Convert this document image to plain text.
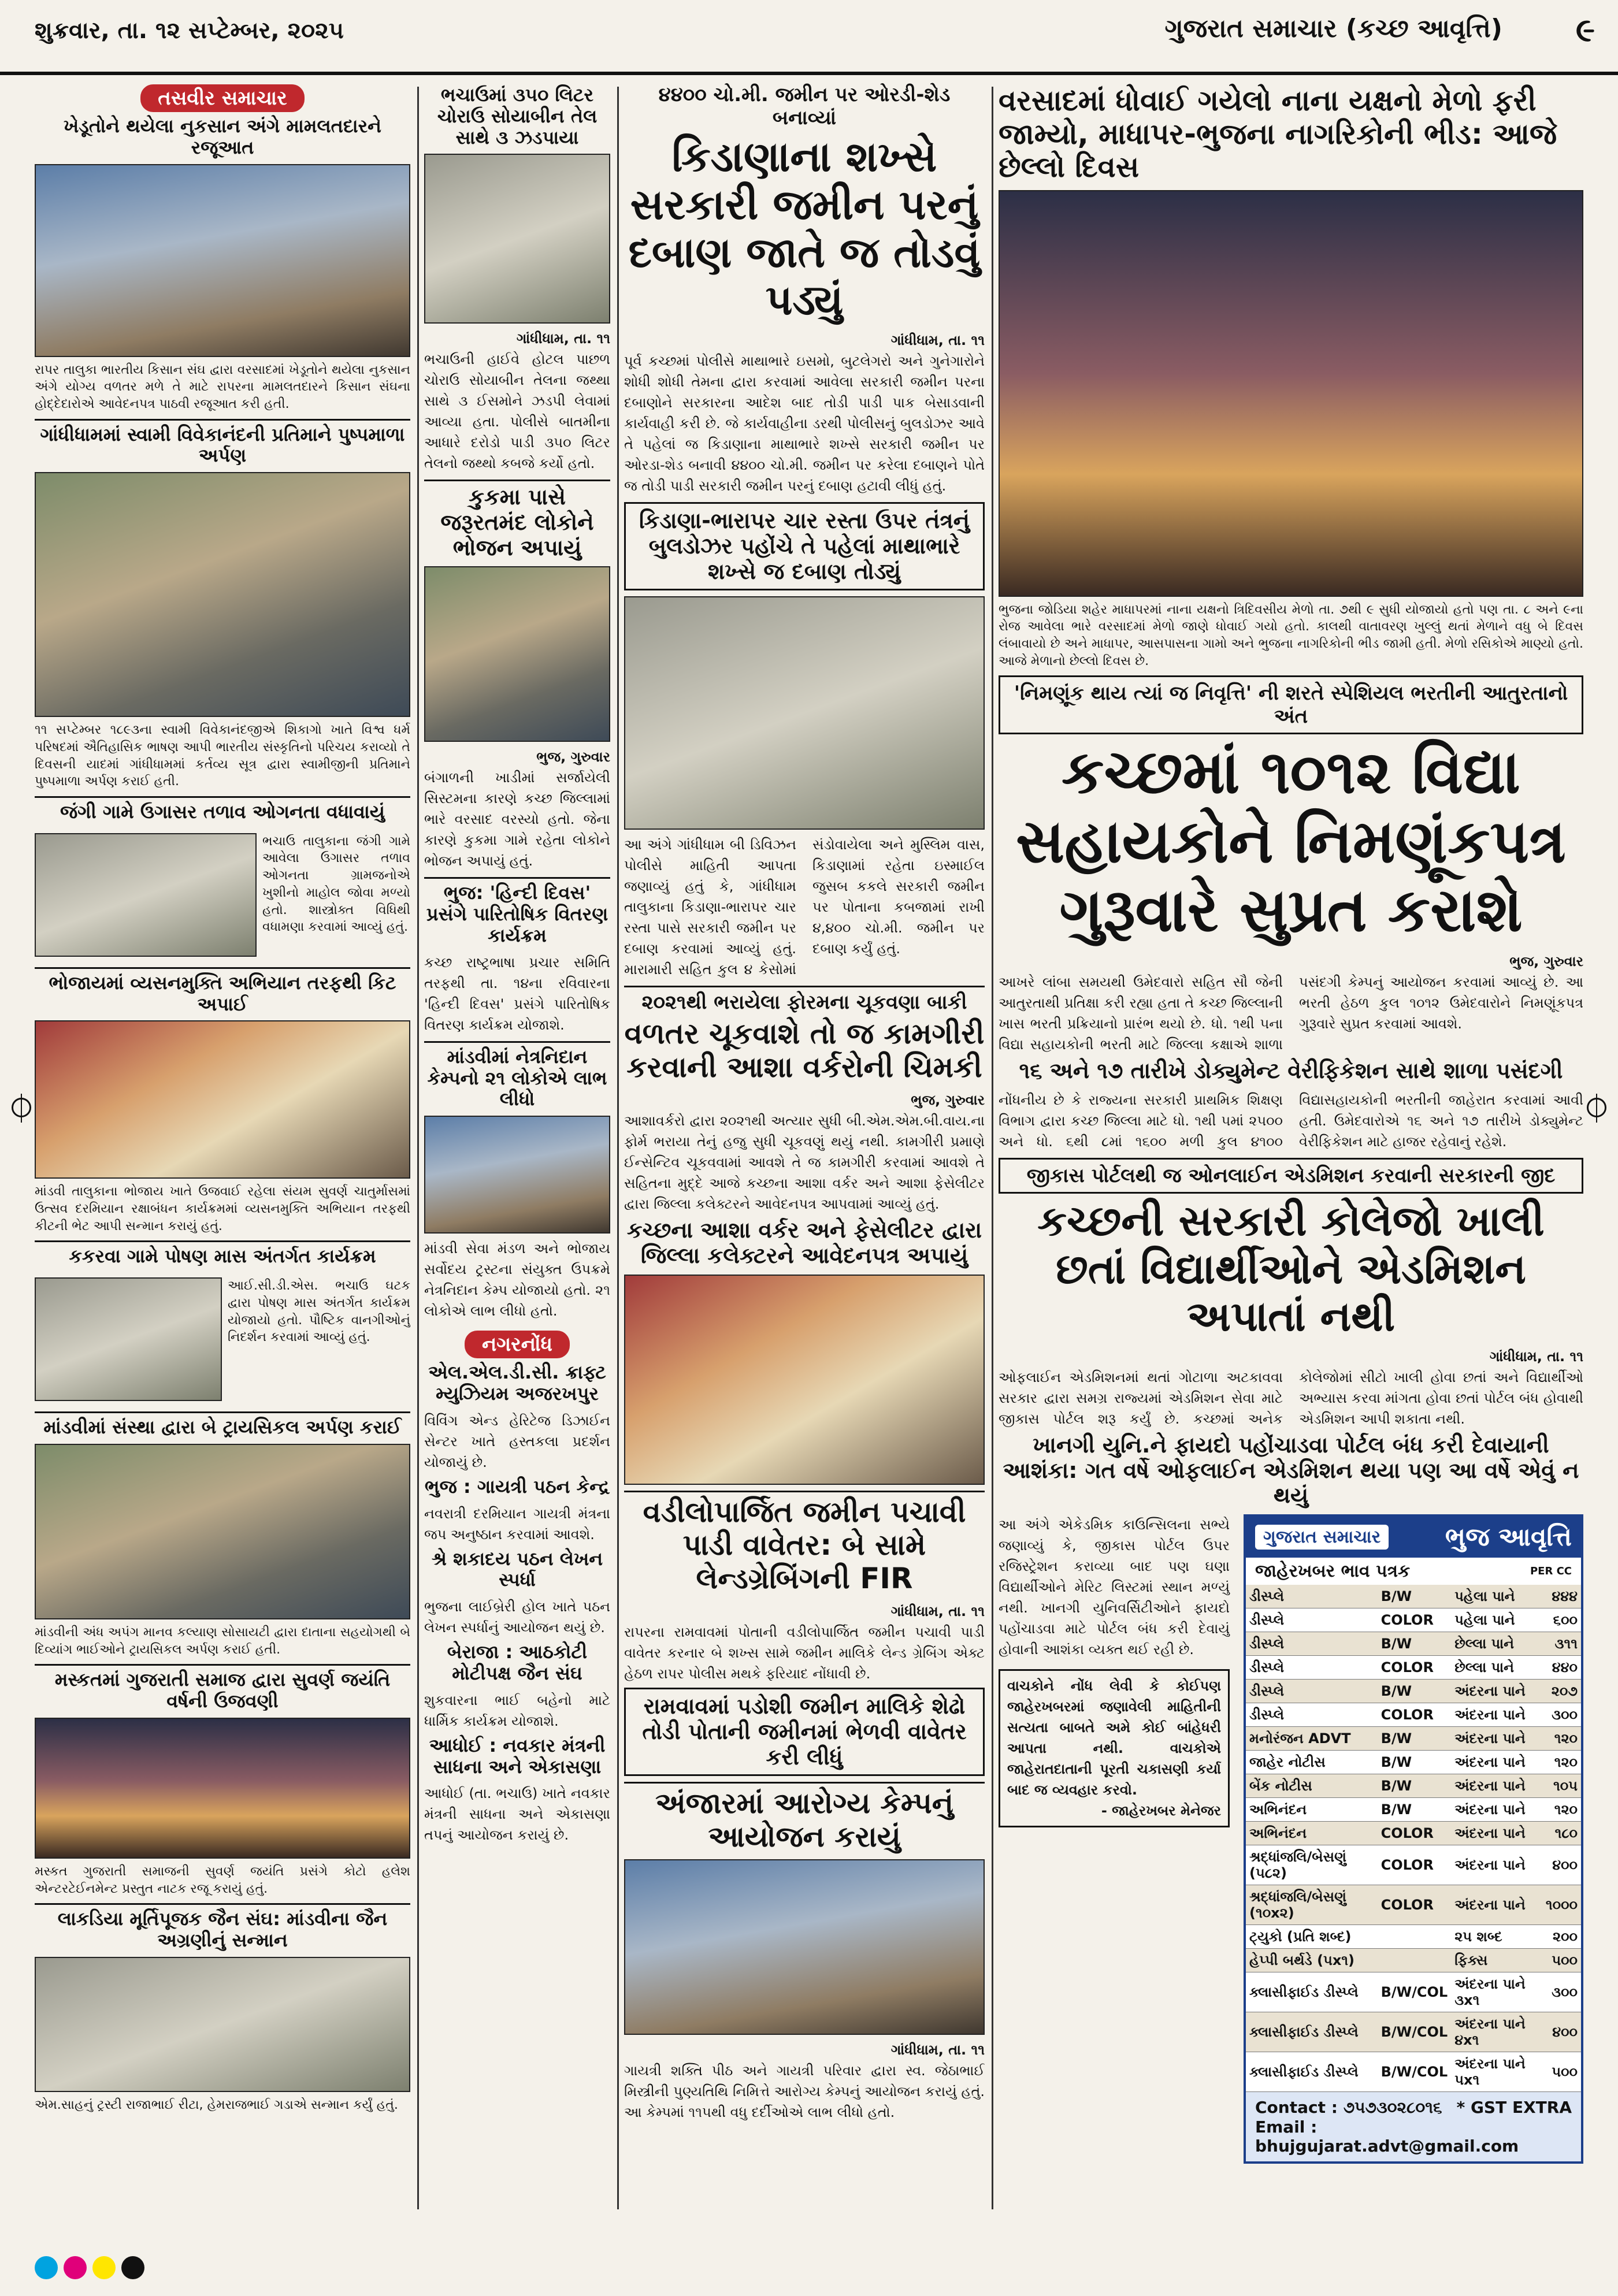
શુક્રવાર, તા. ૧૨ સપ્ટેમ્બર, ૨૦૨૫	ગુજરાત સમાચાર (કચ્છ આવૃત્તિ) ૯
તસવીર સમાચાર
ખેડૂતોને થયેલા નુકસાન અંગે મામલતદારને રજૂઆત
રાપર તાલુકા ભારતીય કિસાન સંઘ દ્વારા વરસાદમાં ખેડૂતોને થયેલા નુકસાન અંગે યોગ્ય વળતર મળે તે માટે રાપરના મામલતદારને કિસાન સંઘના હોદ્દેદારોએ આવેદનપત્ર પાઠવી રજૂઆત કરી હતી.
ગાંધીધામમાં સ્વામી વિવેકાનંદની પ્રતિમાને પુષ્પમાળા અર્પણ
૧૧ સપ્ટેમ્બર ૧૮૯૩ના સ્વામી વિવેકાનંદજીએ શિકાગો ખાતે વિશ્વ ધર્મ પરિષદમાં ઐતિહાસિક ભાષણ આપી ભારતીય સંસ્કૃતિનો પરિચય કરાવ્યો તે દિવસની યાદમાં ગાંધીધામમાં કર્તવ્ય સૂત્ર દ્વારા સ્વામીજીની પ્રતિમાને પુષ્પમાળા અર્પણ કરાઈ હતી.
જંગી ગામે ઉગાસર તળાવ ઓગનતા વધાવાયું
ભચાઉ તાલુકાના જંગી ગામે આવેલા ઉગાસર તળાવ ઓગનતા ગ્રામજનોએ ખુશીનો માહોલ જોવા મળ્યો હતો. શાસ્ત્રોક્ત વિધિથી વધામણા કરવામાં આવ્યું હતું.
ભોજાયમાં વ્યસનમુક્તિ અભિયાન તરફથી કિટ અપાઈ
માંડવી તાલુકાના ભોજાય ખાતે ઉજવાઈ રહેલા સંયમ સુવર્ણ ચાતુર્માસમાં ઉત્સવ દરમિયાન રક્ષાબંધન કાર્યક્રમમાં વ્યસનમુક્તિ અભિયાન તરફથી કીટની ભેટ આપી સન્માન કરાયું હતું.
કકરવા ગામે પોષણ માસ અંતર્ગત કાર્યક્રમ
આઈ.સી.ડી.એસ. ભચાઉ ઘટક દ્વારા પોષણ માસ અંતર્ગત કાર્યક્રમ યોજાયો હતો. પૌષ્ટિક વાનગીઓનું નિદર્શન કરવામાં આવ્યું હતું.
માંડવીમાં સંસ્થા દ્વારા બે ટ્રાયસિકલ અર્પણ કરાઈ
માંડવીની અંધ અપંગ માનવ કલ્યાણ સોસાયટી દ્વારા દાતાના સહયોગથી બે દિવ્યાંગ ભાઈઓને ટ્રાયસિકલ અર્પણ કરાઈ હતી.
મસ્કતમાં ગુજરાતી સમાજ દ્વારા સુવર્ણ જયંતિ વર્ષની ઉજવણી
મસ્કત ગુજરાતી સમાજની સુવર્ણ જયંતિ પ્રસંગે કોટો હલેશ એન્ટરટેઈનમેન્ટ પ્રસ્તુત નાટક રજૂ કરાયું હતું.
લાકડિયા મૂર્તિપૂજક જૈન સંઘ: માંડવીના જૈન અગ્રણીનું સન્માન
એમ.સાહનું ટ્રસ્ટી રાજાભાઈ રીટા, હેમરાજભાઈ ગડાએ સન્માન કર્યું હતું.
ભચાઉમાં ૩૫૦ લિટર ચોરાઉ સોયાબીન તેલ સાથે ૩ ઝડપાયા
ગાંધીધામ, તા. ૧૧
ભચાઉની હાઈવે હોટલ પાછળ ચોરાઉ સોયાબીન તેલના જથ્થા સાથે ૩ ઈસમોને ઝડપી લેવામાં આવ્યા હતા. પોલીસે બાતમીના આધારે દરોડો પાડી ૩૫૦ લિટર તેલનો જથ્થો કબજે કર્યો હતો.
કુકમા પાસે જરૂરતમંદ લોકોને ભોજન અપાયું
ભુજ, ગુરુવાર
બંગાળની ખાડીમાં સર્જાયેલી સિસ્ટમના કારણે કચ્છ જિલ્લામાં ભારે વરસાદ વરસ્યો હતો. જેના કારણે કુકમા ગામે રહેતા લોકોને ભોજન અપાયું હતું.
ભુજ: 'હિન્દી દિવસ' પ્રસંગે પારિતોષિક વિતરણ કાર્યક્રમ
કચ્છ રાષ્ટ્રભાષા પ્રચાર સમિતિ તરફથી તા. ૧૪ના રવિવારના 'હિન્દી દિવસ' પ્રસંગે પારિતોષિક વિતરણ કાર્યક્રમ યોજાશે.
માંડવીમાં નેત્રનિદાન કેમ્પનો ૨૧ લોકોએ લાભ લીધો
માંડવી સેવા મંડળ અને ભોજાય સર્વોદય ટ્રસ્ટના સંયુક્ત ઉપક્રમે નેત્રનિદાન કેમ્પ યોજાયો હતો. ૨૧ લોકોએ લાભ લીધો હતો.
નગરનોંધ
એલ.એલ.ડી.સી. ક્રાફ્ટ મ્યુઝિયમ અજરખપુર
વિવિંગ એન્ડ હેરિટેજ ડિઝાઈન સેન્ટર ખાતે હસ્તકલા પ્રદર્શન યોજાયું છે.
ભુજ : ગાયત્રી પઠન કેન્દ્ર
નવરાત્રી દરમિયાન ગાયત્રી મંત્રના જપ અનુષ્ઠાન કરવામાં આવશે.
શ્રે શકાદય પઠન લેખન સ્પર્ધા
ભુજના લાઈબ્રેરી હોલ ખાતે પઠન લેખન સ્પર્ધાનું આયોજન થયું છે.
બેરાજા : આઠકોટી મોટીપક્ષ જૈન સંઘ
શુકવારના ભાઈ બહેનો માટે ધાર્મિક કાર્યક્રમ યોજાશે.
આધોઈ : નવકાર મંત્રની સાધના અને એકાસણા
આધોઈ (તા. ભચાઉ) ખાતે નવકાર મંત્રની સાધના અને એકાસણા તપનું આયોજન કરાયું છે.
૪૪૦૦ ચો.મી. જમીન પર ઓરડી-શેડ બનાવ્યાં
કિડાણાના શખ્સે સરકારી જમીન પરનું દબાણ જાતે જ તોડવું પડ્યું
ગાંધીધામ, તા. ૧૧
પૂર્વ કચ્છમાં પોલીસે માથાભારે ઇસમો, બુટલેગરો અને ગુનેગારોને શોધી શોધી તેમના દ્વારા કરવામાં આવેલા સરકારી જમીન પરના દબાણોને સરકારના આદેશ બાદ તોડી પાડી પાક બેસાડવાની કાર્યવાહી કરી છે. જે કાર્યવાહીના ડરથી પોલીસનું બુલડોઝર આવે તે પહેલાં જ કિડાણાના માથાભારે શખ્સે સરકારી જમીન પર ઓરડા-શેડ બનાવી ૪૪૦૦ ચો.મી. જમીન પર કરેલા દબાણને પોતે જ તોડી પાડી સરકારી જમીન પરનું દબાણ હટાવી લીધું હતું.
કિડાણા-ભારાપર ચાર રસ્તા ઉપર તંત્રનું બુલડોઝર પહોંચે તે પહેલાં માથાભારે શખ્સે જ દબાણ તોડ્યું
આ અંગે ગાંધીધામ બી ડિવિઝન પોલીસે માહિતી આપતા જણાવ્યું હતું કે, ગાંધીધામ તાલુકાના કિડાણા-ભારાપર ચાર રસ્તા પાસે સરકારી જમીન પર દબાણ કરવામાં આવ્યું હતું. મારામારી સહિત કુલ ૪ કેસોમાં સંડોવાયેલા અને મુસ્લિમ વાસ, કિડાણામાં રહેતા ઇસ્માઈલ જુસબ કકલે સરકારી જમીન પર પોતાના કબજામાં રાખી ૪,૪૦૦ ચો.મી. જમીન પર દબાણ કર્યું હતું.
૨૦૨૧થી ભરાયેલા ફોરમના ચૂકવણા બાકી
વળતર ચૂકવાશે તો જ કામગીરી કરવાની આશા વર્કરોની ચિમકી
ભુજ, ગુરુવાર
આશાવર્કરો દ્વારા ૨૦૨૧થી અત્યાર સુધી બી.એમ.એમ.બી.વાય.ના ફોર્મ ભરાયા તેનું હજુ સુધી ચૂકવણું થયું નથી. કામગીરી પ્રમાણે ઈન્સેન્ટિવ ચૂકવવામાં આવશે તે જ કામગીરી કરવામાં આવશે તે સહિતના મુદ્દે આજે કચ્છના આશા વર્કર અને આશા ફેસેલીટર દ્વારા જિલ્લા કલેક્ટરને આવેદનપત્ર આપવામાં આવ્યું હતું.
કચ્છના આશા વર્કર અને ફેસેલીટર દ્વારા જિલ્લા કલેક્ટરને આવેદનપત્ર અપાયું
વડીલોપાર્જિત જમીન પચાવી પાડી વાવેતર: બે સામે લેન્ડગ્રેબિંગની FIR
ગાંધીધામ, તા. ૧૧
રાપરના રામવાવમાં પોતાની વડીલોપાર્જિત જમીન પચાવી પાડી વાવેતર કરનાર બે શખ્સ સામે જમીન માલિકે લેન્ડ ગ્રેબિંગ એક્ટ હેઠળ રાપર પોલીસ મથકે ફરિયાદ નોંધાવી છે.
રામવાવમાં પડોશી જમીન માલિકે શેઢો તોડી પોતાની જમીનમાં ભેળવી વાવેતર કરી લીધું
અંજારમાં આરોગ્ય કેમ્પનું આયોજન કરાયું
ગાંધીધામ, તા. ૧૧
ગાયત્રી શક્તિ પીઠ અને ગાયત્રી પરિવાર દ્વારા સ્વ. જેઠાભાઈ મિસ્ત્રીની પુણ્યતિથિ નિમિત્તે આરોગ્ય કેમ્પનું આયોજન કરાયું હતું. આ કેમ્પમાં ૧૧૫થી વધુ દર્દીઓએ લાભ લીધો હતો.
વરસાદમાં ધોવાઈ ગયેલો નાના યક્ષનો મેળો ફરી જામ્યો, માધાપર-ભુજના નાગરિકોની ભીડ: આજે છેલ્લો દિવસ
ભુજના જોડિયા શહેર માધાપરમાં નાના યક્ષનો ત્રિદિવસીય મેળો તા. ૭થી ૯ સુધી યોજાયો હતો પણ તા. ૮ અને ૯ના રોજ આવેલા ભારે વરસાદમાં મેળો જાણે ધોવાઈ ગયો હતો. કાલથી વાતાવરણ ખુલ્લું થતાં મેળાને વધુ બે દિવસ લંબાવાયો છે અને માધાપર, આસપાસના ગામો અને ભુજના નાગરિકોની ભીડ જામી હતી. મેળો રસિકોએ માણ્યો હતો. આજે મેળાનો છેલ્લો દિવસ છે.
'નિમણૂંક થાય ત્યાં જ નિવૃત્તિ' ની શરતે સ્પેશિયલ ભરતીની આતુરતાનો અંત
કચ્છમાં ૧૦૧૨ વિદ્યા સહાયકોને નિમણૂંકપત્ર ગુરૂવારે સુપ્રત કરાશે
ભુજ, ગુરુવાર
આખરે લાંબા સમયથી ઉમેદવારો સહિત સૌ જેની આતુરતાથી પ્રતિક્ષા કરી રહ્યા હતા તે કચ્છ જિલ્લાની ખાસ ભરતી પ્રક્રિયાનો પ્રારંભ થયો છે. ધો. ૧થી ૫ના વિદ્યા સહાયકોની ભરતી માટે જિલ્લા કક્ષાએ શાળા પસંદગી કેમ્પનું આયોજન કરવામાં આવ્યું છે. આ ભરતી હેઠળ કુલ ૧૦૧૨ ઉમેદવારોને નિમણૂંકપત્ર ગુરૂવારે સુપ્રત કરવામાં આવશે.
૧૬ અને ૧૭ તારીખે ડોક્યુમેન્ટ વેરીફિકેશન સાથે શાળા પસંદગી
નોંધનીય છે કે રાજ્યના સરકારી પ્રાથમિક શિક્ષણ વિભાગ દ્વારા કચ્છ જિલ્લા માટે ધો. ૧થી ૫માં ૨૫૦૦ અને ધો. ૬થી ૮માં ૧૬૦૦ મળી કુલ ૪૧૦૦ વિદ્યાસહાયકોની ભરતીની જાહેરાત કરવામાં આવી હતી. ઉમેદવારોએ ૧૬ અને ૧૭ તારીખે ડોક્યુમેન્ટ વેરીફિકેશન માટે હાજર રહેવાનું રહેશે.
જીકાસ પોર્ટલથી જ ઓનલાઈન એડમિશન કરવાની સરકારની જીદ
કચ્છની સરકારી કોલેજો ખાલી છતાં વિદ્યાર્થીઓને એડમિશન અપાતાં નથી
ગાંધીધામ, તા. ૧૧
ઓફલાઈન એડમિશનમાં થતાં ગોટાળા અટકાવવા સરકાર દ્વારા સમગ્ર રાજ્યમાં એડમિશન સેવા માટે જીકાસ પોર્ટલ શરૂ કર્યું છે. કચ્છમાં અનેક કોલેજોમાં સીટો ખાલી હોવા છતાં અને વિદ્યાર્થીઓ અભ્યાસ કરવા માંગતા હોવા છતાં પોર્ટલ બંધ હોવાથી એડમિશન આપી શકાતા નથી.
ખાનગી યુનિ.ને ફાયદો પહોંચાડવા પોર્ટલ બંધ કરી દેવાયાની આશંકા: ગત વર્ષે ઓફલાઈન એડમિશન થયા પણ આ વર્ષે એવું ન થયું
આ અંગે એકેડમિક કાઉન્સિલના સભ્યે જણાવ્યું કે, જીકાસ પોર્ટલ ઉપર રજિસ્ટ્રેશન કરાવ્યા બાદ પણ ઘણા વિદ્યાર્થીઓને મેરિટ લિસ્ટમાં સ્થાન મળ્યું નથી. ખાનગી યુનિવર્સિટીઓને ફાયદો પહોંચાડવા માટે પોર્ટલ બંધ કરી દેવાયું હોવાની આશંકા વ્યક્ત થઈ રહી છે.
વાચકોને નોંધ લેવી કે કોઈપણ જાહેરખબરમાં જણાવેલી માહિતીની સત્યતા બાબતે અમે કોઈ બાંહેધરી આપતા નથી. વાચકોએ જાહેરાતદાતાની પૂરતી ચકાસણી કર્યા બાદ જ વ્યવહાર કરવો.
- જાહેરખબર મેનેજર
ગુજરાત સમાચાર	ભુજ આવૃત્તિ
જાહેરખબર ભાવ પત્રક	PER CC
ડીસ્પ્લે	B/W	પહેલા પાને	૪૪૪
ડીસ્પ્લે	COLOR	પહેલા પાને	૬૦૦
ડીસ્પ્લે	B/W	છેલ્લા પાને	૩૧૧
ડીસ્પ્લે	COLOR	છેલ્લા પાને	૪૪૦
ડીસ્પ્લે	B/W	અંદરના પાને	૨૦૭
ડીસ્પ્લે	COLOR	અંદરના પાને	૩૦૦
મનોરંજન ADVT	B/W	અંદરના પાને	૧૨૦
જાહેર નોટીસ	B/W	અંદરના પાને	૧૨૦
બેંક નોટીસ	B/W	અંદરના પાને	૧૦૫
અભિનંદન	B/W	અંદરના પાને	૧૨૦
અભિનંદન	COLOR	અંદરના પાને	૧૮૦
શ્રદ્ધાંજલિ/બેસણું (૫૮૨)	COLOR	અંદરના પાને	૪૦૦
શ્રદ્ધાંજલિ/બેસણું (૧૦x૨)	COLOR	અંદરના પાને	૧૦૦૦
ટ્યુકો (પ્રતિ શબ્દ)		૨૫ શબ્દ	૨૦૦
હેપ્પી બર્થડે (૫x૧)		ફિક્સ	૫૦૦
ક્લાસીફાઈડ ડીસ્પ્લે	B/W/COL	અંદરના પાને ૩x૧	૩૦૦
ક્લાસીફાઈડ ડીસ્પ્લે	B/W/COL	અંદરના પાને ૪x૧	૪૦૦
ક્લાસીફાઈડ ડીસ્પ્લે	B/W/COL	અંદરના પાને ૫x૧	૫૦૦
Contact : ૭૫૭૩૦૨૮૦૧૬ * GST EXTRA

Email : bhujgujarat.advt@gmail.com
